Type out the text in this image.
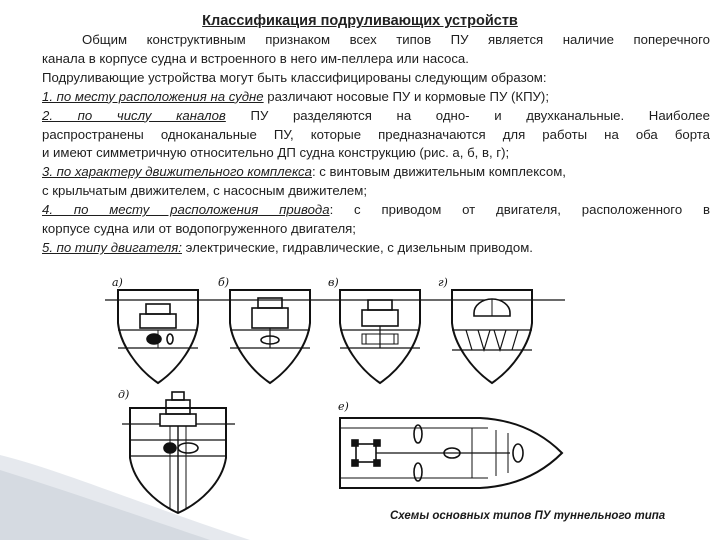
Классификация подруливающих устройств

Общим конструктивным признаком всех типов ПУ является наличие поперечного

канала в корпусе судна и встроенного в него им-пеллера или насоса.

Подруливающие устройства могут быть классифицированы следующим образом:

1. по месту расположения на судне различают носовые ПУ и кормовые ПУ (КПУ);

2. по числу каналов ПУ разделяются на одно- и двухканальные. Наиболее

распространены одноканальные ПУ, которые предназначаются для работы на оба борта

и имеют симметричную относительно ДП судна конструкцию (рис. а, б, в, г);

3. по характеру движительного комплекса: с винтовым движительным комплексом,

с крыльчатым движителем, с насосным движителем;

4. по месту расположения привода: с приводом от двигателя, расположенного в

корпусе судна или от водопогруженного двигателя;

5. по типу двигателя: электрические, гидравлические, с дизельным приводом.

а)	б)	в)	г)
д)
е)
Схемы основных типов ПУ туннельного типа
